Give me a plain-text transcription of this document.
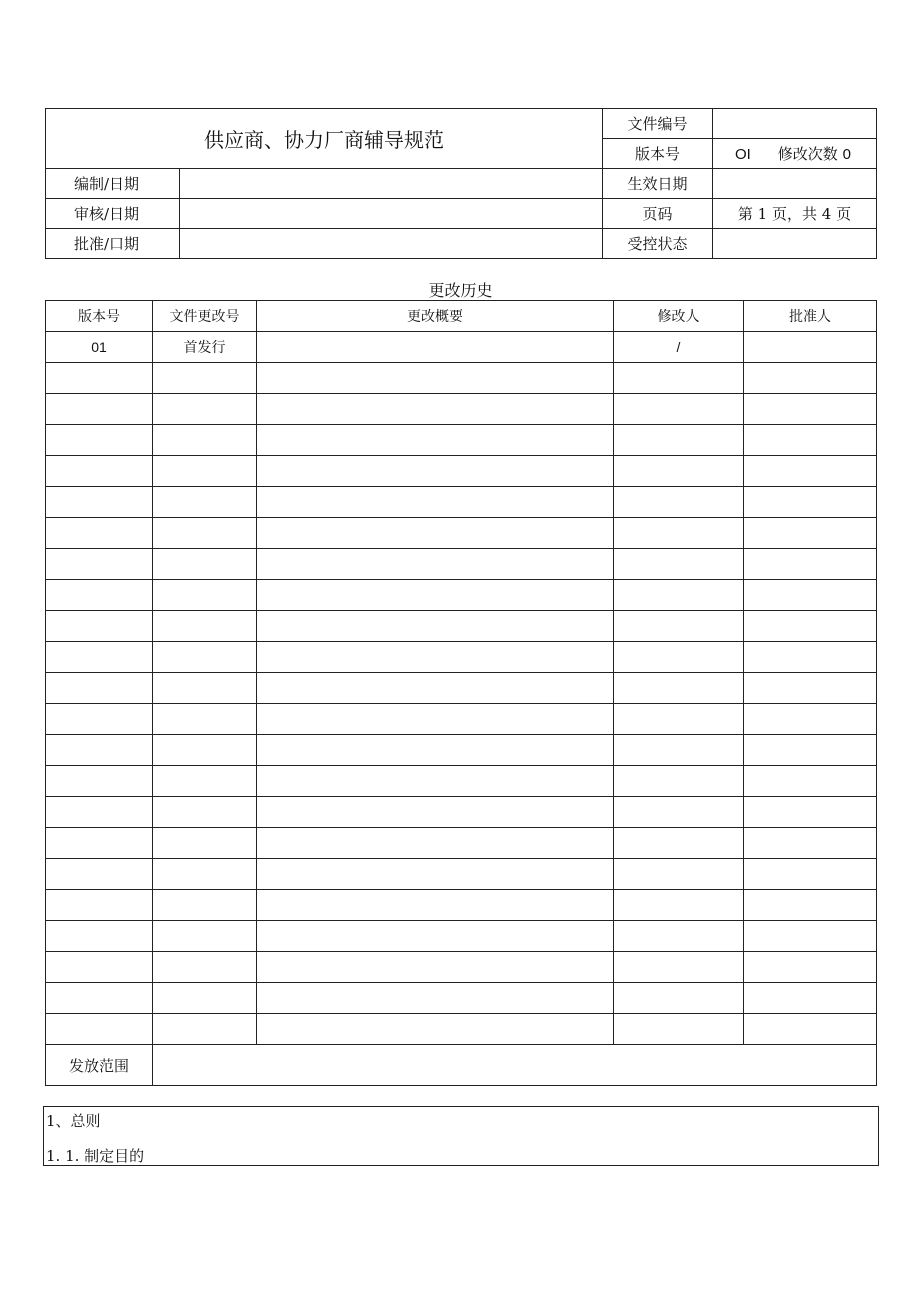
供应商、协力厂商辅导规范		文件编号	
		版本号	OI 修改次数 0
编制/日期		生效日期	
审核/日期		页码	第 1 页，共 4 页
批准/口期		受控状态	
更改历史
版本号	文件更改号	更改概要	修改人	批准人
01	首发行		/	

发放范围				
1、总则
1. 1. 制定目的
